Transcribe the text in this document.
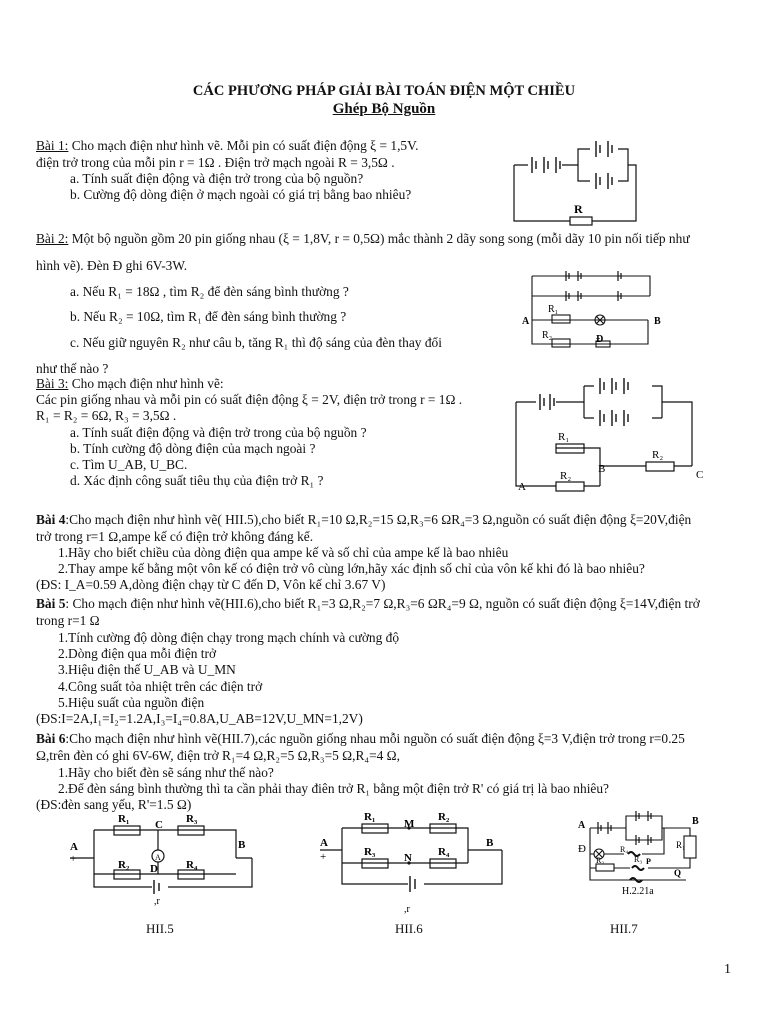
CÁC PHƯƠNG PHÁP GIẢI BÀI TOÁN ĐIỆN MỘT CHIỀU
Ghép Bộ Nguồn
Bài 1: Cho mạch điện như hình vẽ. Mỗi pin có suất điện động ξ = 1,5V.
điện trở trong của mỗi pin r = 1Ω . Điện trở mạch ngoài R = 3,5Ω .
a. Tính suất điện động và điện trở trong của bộ nguồn?
b. Cường độ dòng điện ở mạch ngoài có giá trị bằng bao nhiêu?
R
Bài 2: Một bộ nguồn gồm 20 pin giống nhau (ξ = 1,8V, r = 0,5Ω) mắc thành 2 dãy song song (mỗi dãy 10 pin nối tiếp như
hình vẽ). Đèn Đ ghi 6V-3W.
a. Nếu R₁ = 18Ω , tìm R₂ để đèn sáng bình thường ?
b. Nếu R₂ = 10Ω, tìm R₁ để đèn sáng bình thường ?
c. Nếu giữ nguyên R₂ như câu b, tăng R₁ thì độ sáng của đèn thay đổi
như thế nào ?
A	B
R₁
R₂	Đ
Bài 3: Cho mạch điện như hình vẽ:
Các pin giống nhau và mỗi pin có suất điện động ξ = 2V, điện trở trong r = 1Ω .
R₁ = R₂ = 6Ω, R₃ = 3,5Ω .
a. Tính suất điện động và điện trở trong của bộ nguồn ?
b. Tính cường độ dòng điện của mạch ngoài ?
c. Tìm U_AB, U_BC.
d. Xác định công suất tiêu thụ của điện trở R₁ ?	A
B	C
R₁
R₂
R₂
Bài 4:Cho mạch điện như hình vẽ( HII.5),cho biết R₁=10 Ω,R₂=15 Ω,R₃=6 ΩR₄=3 Ω,nguồn có suất điện động ξ=20V,điện
trở trong r=1 Ω,ampe kế có điện trở không đáng kể.
1.Hãy cho biết chiều của dòng điện qua ampe kế và số chỉ của ampe kế là bao nhiêu
2.Thay ampe kế bằng một vôn kế có điện trở vô cùng lớn,hãy xác định số chỉ của vôn kế khi đó là bao nhiêu?
(ĐS: I_A=0.59 A,dòng điện chạy từ C đến D, Vôn kế chỉ 3.67 V)
Bài 5: Cho mạch điện như hình vẽ(HII.6),cho biết R₁=3 Ω,R₂=7 Ω,R₃=6 ΩR₄=9 Ω, nguồn có suất điện động ξ=14V,điện trở
trong r=1 Ω
1.Tính cường độ dòng điện chạy trong mạch chính và cường độ
2.Dòng điện qua mỗi điện trở
3.Hiệu điện thế U_AB và U_MN
4.Công suất tỏa nhiệt trên các điện trở
5.Hiệu suất của nguồn điện
(ĐS:I=2A,I₁=I₂=1.2A,I₃=I₄=0.8A,U_AB=12V,U_MN=1,2V)
Bài 6:Cho mạch điện như hình vẽ(HII.7),các nguồn giống nhau mỗi nguồn có suất điện động ξ=3 V,điện trở trong r=0.25
Ω,trên đèn có ghi 6V-6W, điện trở R₁=4 Ω,R₂=5 Ω,R₃=5 Ω,R₄=4 Ω,
1.Hãy cho biết đèn sẽ sáng như thế nào?
2.Để đèn sáng bình thường thì ta cần phải thay điên trở R₁ bằng một điện trở R' có giá trị là bao nhiêu?
(ĐS:đèn sang yếu, R'=1.5 Ω)
R₁	R₃
R₂	R₄
A	B
C
D
A
+
,r
HII.5
R₁	R₂
R₃	R₄
A	B
M
N
+
,r
HII.6
A	B
Đ	R₁
R₂	R₃
R₄
P
Q
H.2.21a
HII.7
1
